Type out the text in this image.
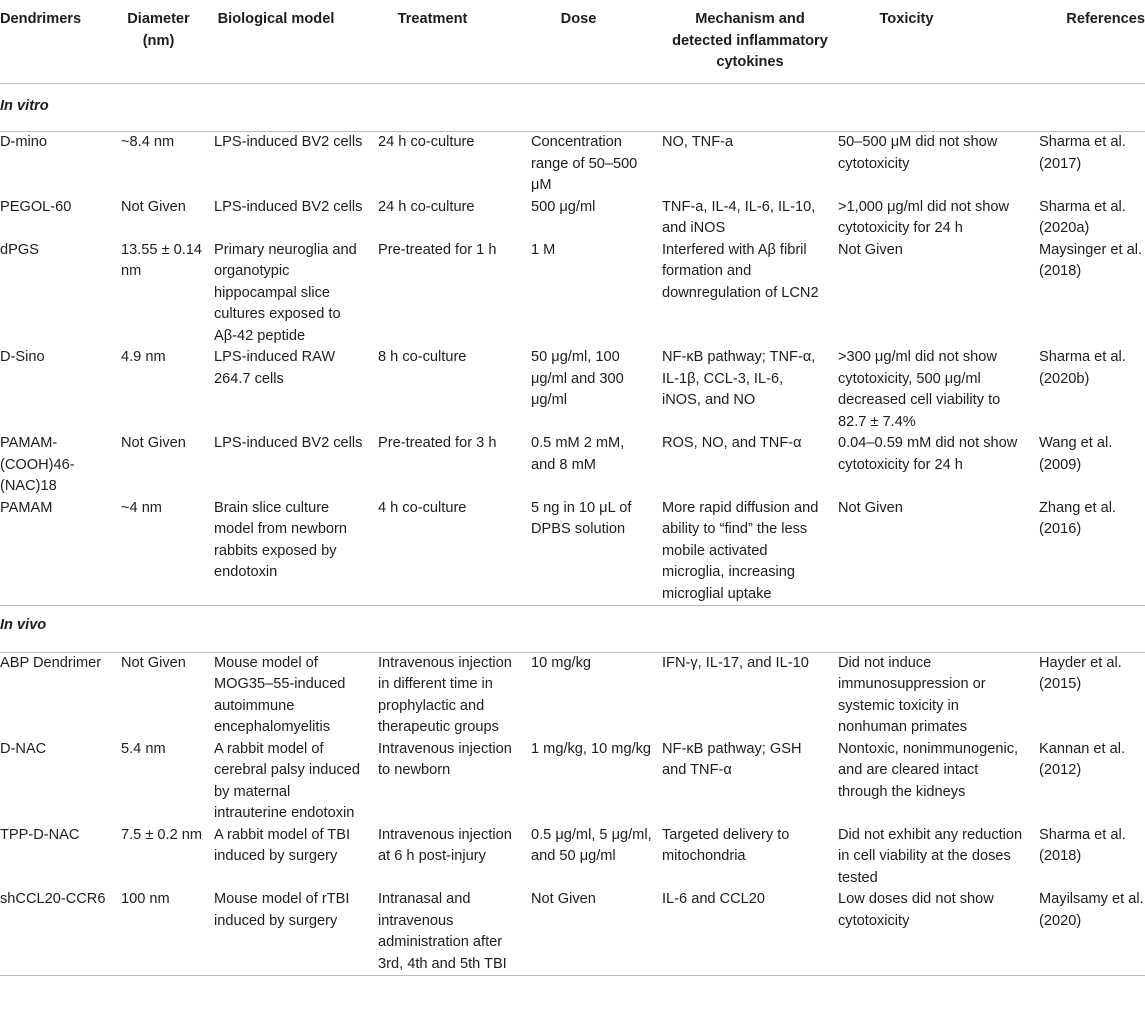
Dendrimers	Diameter (nm)	Biological model	Treatment	Dose	Mechanism and detected inflammatory cytokines	Toxicity	References
In vitro							
D-mino	~8.4 nm	LPS-induced BV2 cells	24 h co-culture	Concentration range of 50–500 μM	NO, TNF-a	50–500 μM did not show cytotoxicity	Sharma et al. (2017)
PEGOL-60	Not Given	LPS-induced BV2 cells	24 h co-culture	500 μg/ml	TNF-a, IL-4, IL-6, IL-10, and iNOS	>1,000 μg/ml did not show cytotoxicity for 24 h	Sharma et al. (2020a)
dPGS	13.55 ± 0.14 nm	Primary neuroglia and organotypic hippocampal slice cultures exposed to Aβ-42 peptide	Pre-treated for 1 h	1 M	Interfered with Aβ fibril formation and downregulation of LCN2	Not Given	Maysinger et al. (2018)
D-Sino	4.9 nm	LPS-induced RAW 264.7 cells	8 h co-culture	50 μg/ml, 100 μg/ml and 300 μg/ml	NF-κB pathway; TNF-α, IL-1β, CCL-3, IL-6, iNOS, and NO	>300 μg/ml did not show cytotoxicity, 500 μg/ml decreased cell viability to 82.7 ± 7.4%	Sharma et al. (2020b)
PAMAM-(COOH)46-(NAC)18	Not Given	LPS-induced BV2 cells	Pre-treated for 3 h	0.5 mM 2 mM, and 8 mM	ROS, NO, and TNF-α	0.04–0.59 mM did not show cytotoxicity for 24 h	Wang et al. (2009)
PAMAM	~4 nm	Brain slice culture model from newborn rabbits exposed by endotoxin	4 h co-culture	5 ng in 10 μL of DPBS solution	More rapid diffusion and ability to “find” the less mobile activated microglia, increasing microglial uptake	Not Given	Zhang et al. (2016)
In vivo							
ABP Dendrimer	Not Given	Mouse model of MOG35–55-induced autoimmune encephalomyelitis	Intravenous injection in different time in prophylactic and therapeutic groups	10 mg/kg	IFN-γ, IL-17, and IL-10	Did not induce immunosuppression or systemic toxicity in nonhuman primates	Hayder et al. (2015)
D-NAC	5.4 nm	A rabbit model of cerebral palsy induced by maternal intrauterine endotoxin	Intravenous injection to newborn	1 mg/kg, 10 mg/kg	NF-κB pathway; GSH and TNF-α	Nontoxic, nonimmunogenic, and are cleared intact through the kidneys	Kannan et al. (2012)
TPP-D-NAC	7.5 ± 0.2 nm	A rabbit model of TBI induced by surgery	Intravenous injection at 6 h post-injury	0.5 μg/ml, 5 μg/ml, and 50 μg/ml	Targeted delivery to mitochondria	Did not exhibit any reduction in cell viability at the doses tested	Sharma et al. (2018)
shCCL20-CCR6	100 nm	Mouse model of rTBI induced by surgery	Intranasal and intravenous administration after 3rd, 4th and 5th TBI	Not Given	IL-6 and CCL20	Low doses did not show cytotoxicity	Mayilsamy et al. (2020)
